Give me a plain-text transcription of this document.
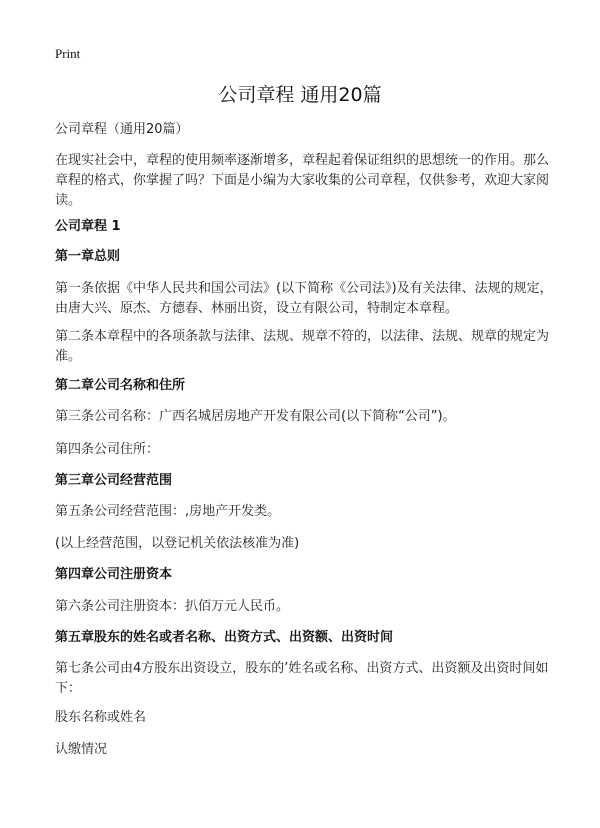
Print
公司章程 通用20篇
公司章程（通用20篇）
在现实社会中，章程的使用频率逐渐增多，章程起着保证组织的思想统一的作用。那么章程的格式，你掌握了吗？下面是小编为大家收集的公司章程，仅供参考，欢迎大家阅读。
公司章程 1
第一章总则
第一条依据《中华人民共和国公司法》(以下简称《公司法》)及有关法律、法规的规定，由唐大兴、原杰、方德春、林丽出资，设立有限公司，特制定本章程。
第二条本章程中的各项条款与法律、法规、规章不符的，以法律、法规、规章的规定为准。
第二章公司名称和住所
第三条公司名称：广西名城居房地产开发有限公司(以下简称“公司”)。
第四条公司住所：
第三章公司经营范围
第五条公司经营范围：,房地产开发类。
(以上经营范围，以登记机关依法核准为准)
第四章公司注册资本
第六条公司注册资本：扒佰万元人民币。
第五章股东的姓名或者名称、出资方式、出资额、出资时间
第七条公司由4方股东出资设立，股东的’姓名或名称、出资方式、出资额及出资时间如下：
股东名称或姓名
认缴情况
